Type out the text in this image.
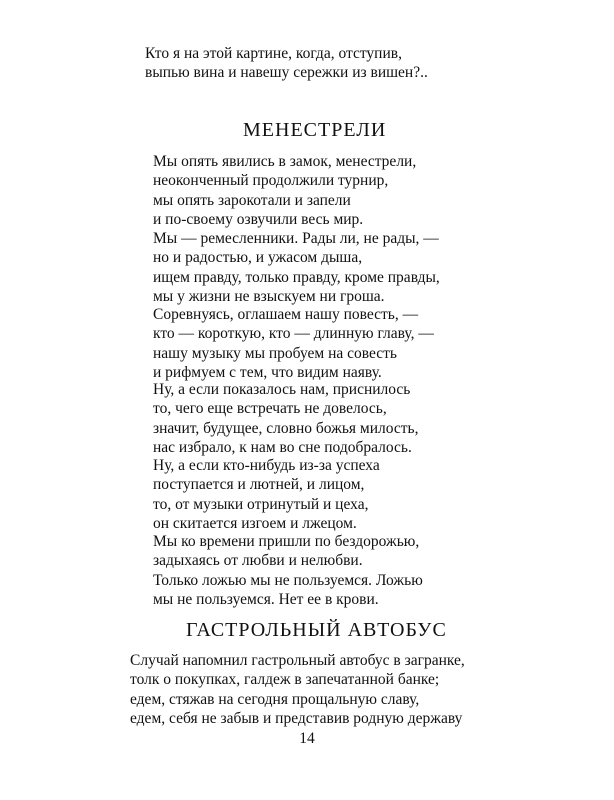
Кто я на этой картине, когда, отступив,
выпью вина и навешу сережки из вишен?..
МЕНЕСТРЕЛИ
Мы опять явились в замок, менестрели,
неоконченный продолжили турнир,
мы опять зарокотали и запели
и по-своему озвучили весь мир.
Мы — ремесленники. Рады ли, не рады, —
но и радостью, и ужасом дыша,
ищем правду, только правду, кроме правды,
мы у жизни не взыскуем ни гроша.
Соревнуясь, оглашаем нашу повесть, —
кто — короткую, кто — длинную главу, —
нашу музыку мы пробуем на совесть
и рифмуем с тем, что видим наяву.
Ну, а если показалось нам, приснилось
то, чего еще встречать не довелось,
значит, будущее, словно божья милость,
нас избрало, к нам во сне подобралось.
Ну, а если кто-нибудь из-за успеха
поступается и лютней, и лицом,
то, от музыки отринутый и цеха,
он скитается изгоем и лжецом.
Мы ко времени пришли по бездорожью,
задыхаясь от любви и нелюбви.
Только ложью мы не пользуемся. Ложью
мы не пользуемся. Нет ее в крови.
ГАСТРОЛЬНЫЙ АВТОБУС
Случай напомнил гастрольный автобус в загранке,
толк о покупках, галдеж в запечатанной банке;
едем, стяжав на сегодня прощальную славу,
едем, себя не забыв и представив родную державу
14
